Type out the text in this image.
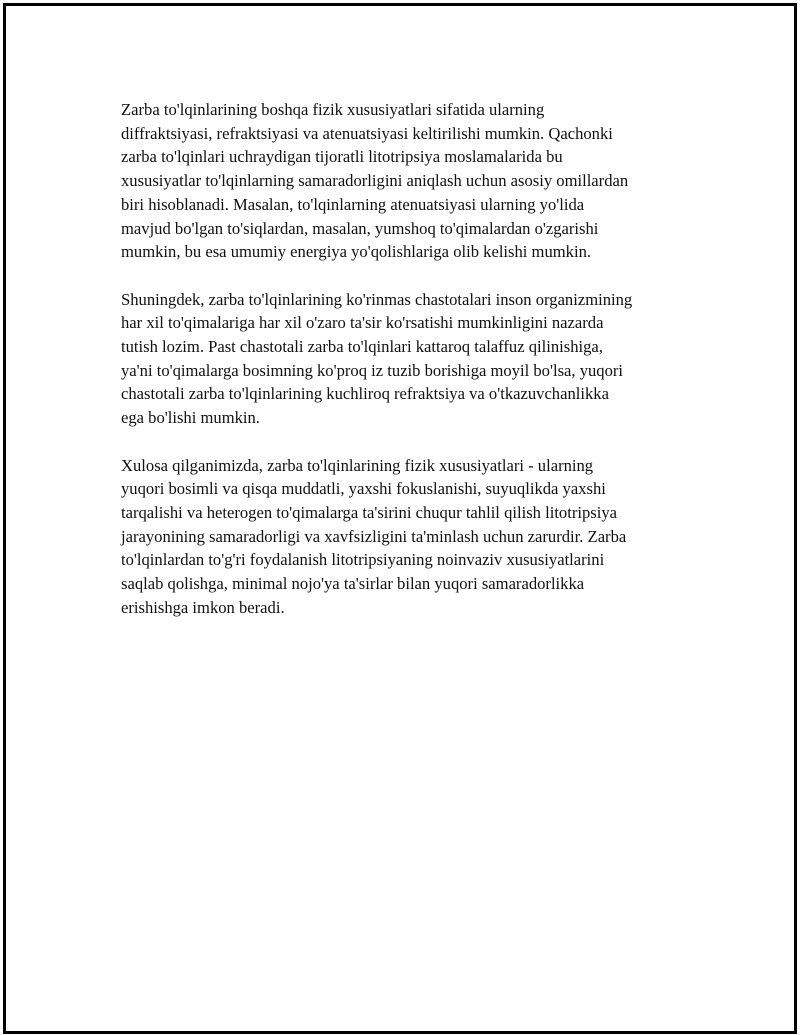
Zarba to'lqinlarining boshqa fizik xususiyatlari sifatida ularning
diffraktsiyasi, refraktsiyasi va atenuatsiyasi keltirilishi mumkin. Qachonki
zarba to'lqinlari uchraydigan tijoratli litotripsiya moslamalarida bu
xususiyatlar to'lqinlarning samaradorligini aniqlash uchun asosiy omillardan
biri hisoblanadi. Masalan, to'lqinlarning atenuatsiyasi ularning yo'lida
mavjud bo'lgan to'siqlardan, masalan, yumshoq to'qimalardan o'zgarishi
mumkin, bu esa umumiy energiya yo'qolishlariga olib kelishi mumkin.

Shuningdek, zarba to'lqinlarining ko'rinmas chastotalari inson organizmining
har xil to'qimalariga har xil o'zaro ta'sir ko'rsatishi mumkinligini nazarda
tutish lozim. Past chastotali zarba to'lqinlari kattaroq talaffuz qilinishiga,
ya'ni to'qimalarga bosimning ko'proq iz tuzib borishiga moyil bo'lsa, yuqori
chastotali zarba to'lqinlarining kuchliroq refraktsiya va o'tkazuvchanlikka
ega bo'lishi mumkin.

Xulosa qilganimizda, zarba to'lqinlarining fizik xususiyatlari - ularning
yuqori bosimli va qisqa muddatli, yaxshi fokuslanishi, suyuqlikda yaxshi
tarqalishi va heterogen to'qimalarga ta'sirini chuqur tahlil qilish litotripsiya
jarayonining samaradorligi va xavfsizligini ta'minlash uchun zarurdir. Zarba
to'lqinlardan to'g'ri foydalanish litotripsiyaning noinvaziv xususiyatlarini
saqlab qolishga, minimal nojo'ya ta'sirlar bilan yuqori samaradorlikka
erishishga imkon beradi.
